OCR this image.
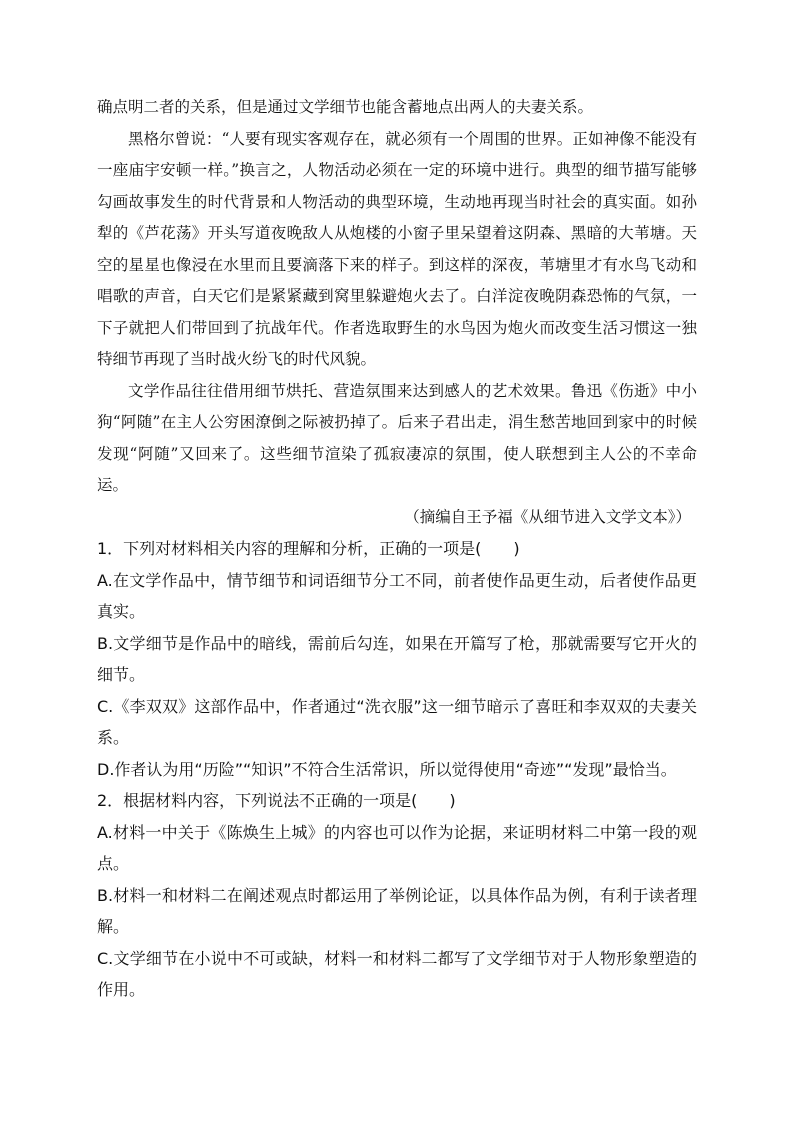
确点明二者的关系，但是通过文学细节也能含蓄地点出两人的夫妻关系。

黑格尔曾说：“人要有现实客观存在，就必须有一个周围的世界。正如神像不能没有一座庙宇安顿一样。”换言之，人物活动必须在一定的环境中进行。典型的细节描写能够勾画故事发生的时代背景和人物活动的典型环境，生动地再现当时社会的真实面。如孙犁的《芦花荡》开头写道夜晚敌人从炮楼的小窗子里呆望着这阴森、黑暗的大苇塘。天空的星星也像浸在水里而且要滴落下来的样子。到这样的深夜，苇塘里才有水鸟飞动和唱歌的声音，白天它们是紧紧藏到窝里躲避炮火去了。白洋淀夜晚阴森恐怖的气氛，一下子就把人们带回到了抗战年代。作者选取野生的水鸟因为炮火而改变生活习惯这一独特细节再现了当时战火纷飞的时代风貌。

文学作品往往借用细节烘托、营造氛围来达到感人的艺术效果。鲁迅《伤逝》中小狗“阿随”在主人公穷困潦倒之际被扔掉了。后来子君出走，涓生愁苦地回到家中的时候发现“阿随”又回来了。这些细节渲染了孤寂凄凉的氛围，使人联想到主人公的不幸命运。

（摘编自王予福《从细节进入文学文本》）

1．下列对材料相关内容的理解和分析，正确的一项是(　　)

A.在文学作品中，情节细节和词语细节分工不同，前者使作品更生动，后者使作品更真实。

B.文学细节是作品中的暗线，需前后勾连，如果在开篇写了枪，那就需要写它开火的细节。

C.《李双双》这部作品中，作者通过“洗衣服”这一细节暗示了喜旺和李双双的夫妻关系。

D.作者认为用“历险”“知识”不符合生活常识，所以觉得使用“奇迹”“发现”最恰当。

2．根据材料内容，下列说法不正确的一项是(　　)

A.材料一中关于《陈焕生上城》的内容也可以作为论据，来证明材料二中第一段的观点。

B.材料一和材料二在阐述观点时都运用了举例论证，以具体作品为例，有利于读者理解。

C.文学细节在小说中不可或缺，材料一和材料二都写了文学细节对于人物形象塑造的作用。
